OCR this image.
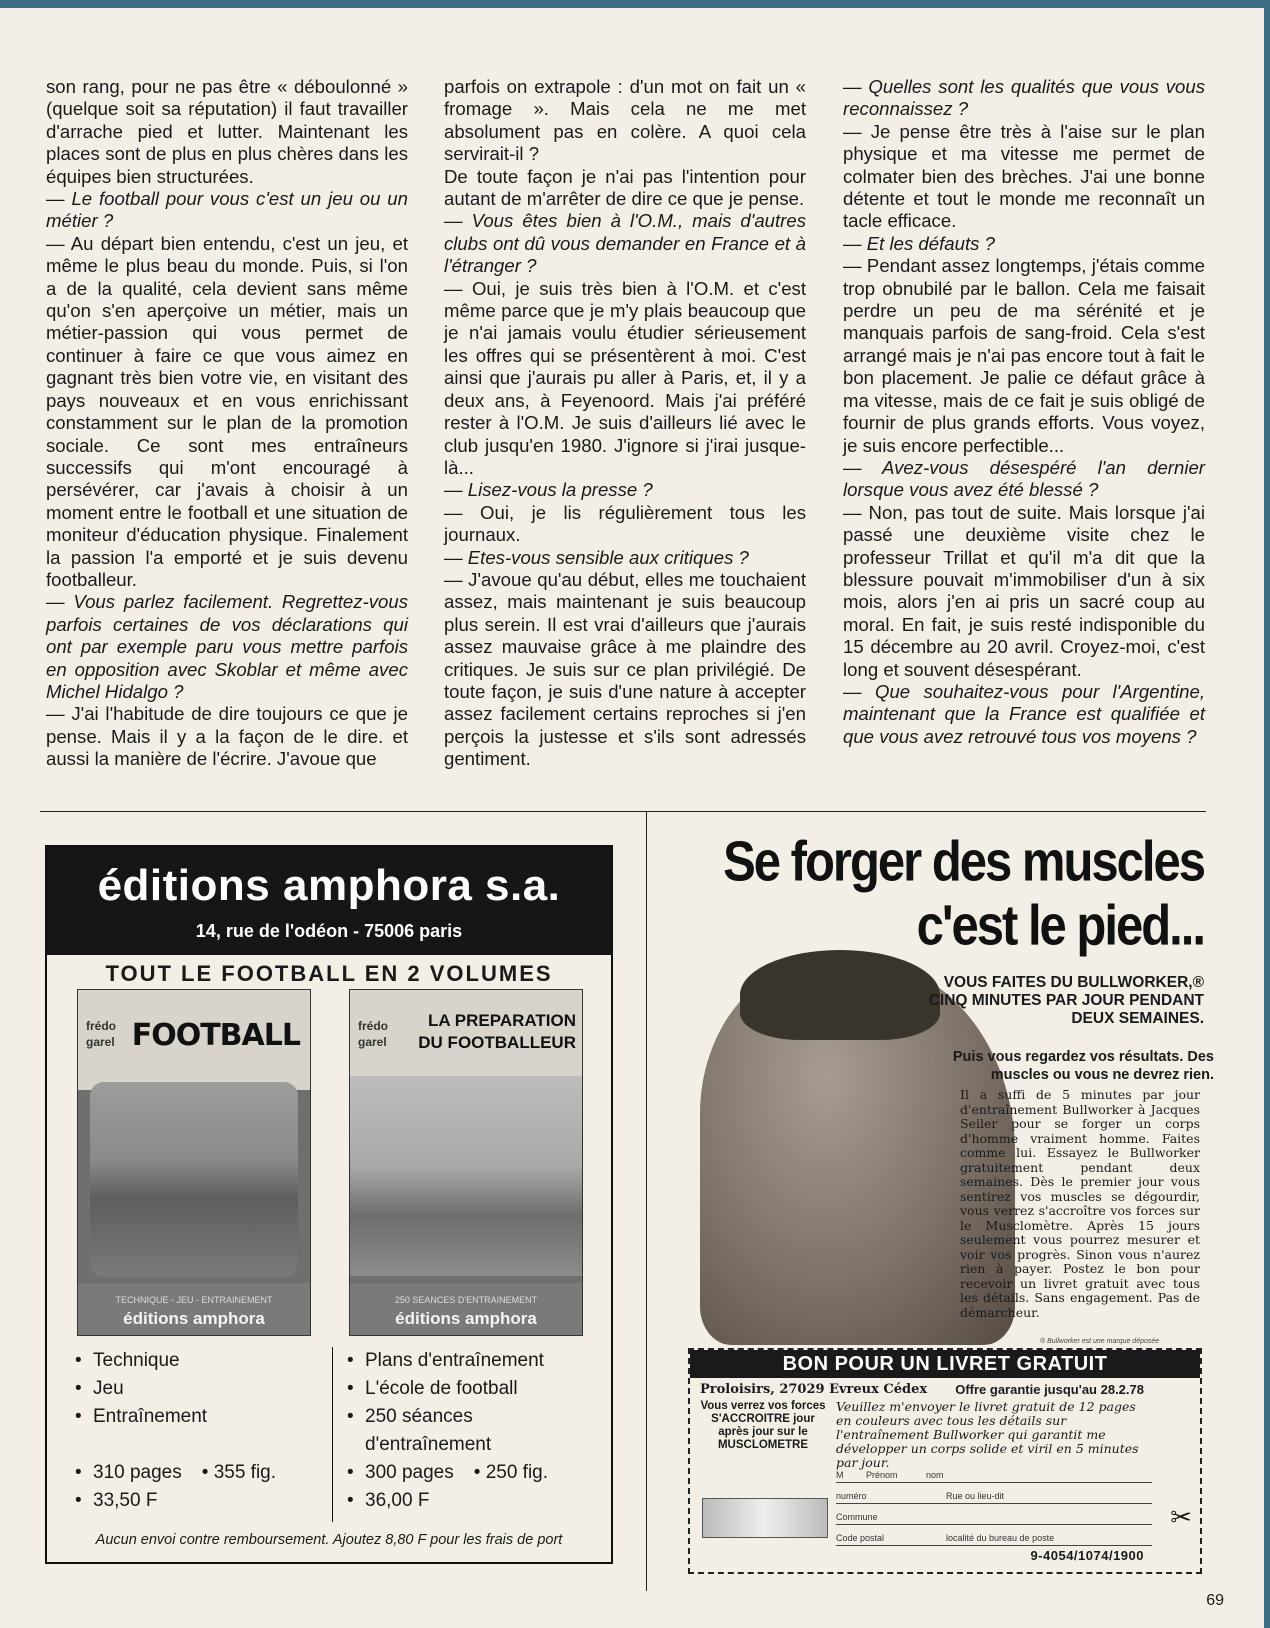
son rang, pour ne pas être « déboulonné » (quelque soit sa réputation) il faut travailler d'arrache pied et lutter. Maintenant les places sont de plus en plus chères dans les équipes bien structurées.

— Le football pour vous c'est un jeu ou un métier ?

— Au départ bien entendu, c'est un jeu, et même le plus beau du monde. Puis, si l'on a de la qualité, cela devient sans même qu'on s'en aperçoive un métier, mais un métier-passion qui vous permet de continuer à faire ce que vous aimez en gagnant très bien votre vie, en visitant des pays nouveaux et en vous enrichissant constamment sur le plan de la promotion sociale. Ce sont mes entraîneurs successifs qui m'ont encouragé à persévérer, car j'avais à choisir à un moment entre le football et une situation de moniteur d'éducation physique. Finalement la passion l'a emporté et je suis devenu footballeur.

— Vous parlez facilement. Regrettez-vous parfois certaines de vos déclarations qui ont par exemple paru vous mettre parfois en opposition avec Skoblar et même avec Michel Hidalgo ?

— J'ai l'habitude de dire toujours ce que je pense. Mais il y a la façon de le dire. et aussi la manière de l'écrire. J'avoue que

parfois on extrapole : d'un mot on fait un « fromage ». Mais cela ne me met absolument pas en colère. A quoi cela servirait-il ?

De toute façon je n'ai pas l'intention pour autant de m'arrêter de dire ce que je pense.

— Vous êtes bien à l'O.M., mais d'autres clubs ont dû vous demander en France et à l'étranger ?

— Oui, je suis très bien à l'O.M. et c'est même parce que je m'y plais beaucoup que je n'ai jamais voulu étudier sérieusement les offres qui se présentèrent à moi. C'est ainsi que j'aurais pu aller à Paris, et, il y a deux ans, à Feyenoord. Mais j'ai préféré rester à l'O.M. Je suis d'ailleurs lié avec le club jusqu'en 1980. J'ignore si j'irai jusque-là...

— Lisez-vous la presse ?

— Oui, je lis régulièrement tous les journaux.

— Etes-vous sensible aux critiques ?

— J'avoue qu'au début, elles me touchaient assez, mais maintenant je suis beaucoup plus serein. Il est vrai d'ailleurs que j'aurais assez mauvaise grâce à me plaindre des critiques. Je suis sur ce plan privilégié. De toute façon, je suis d'une nature à accepter assez facilement certains reproches si j'en perçois la justesse et s'ils sont adressés gentiment.

— Quelles sont les qualités que vous vous reconnaissez ?

— Je pense être très à l'aise sur le plan physique et ma vitesse me permet de colmater bien des brèches. J'ai une bonne détente et tout le monde me reconnaît un tacle efficace.

— Et les défauts ?

— Pendant assez longtemps, j'étais comme trop obnubilé par le ballon. Cela me faisait perdre un peu de ma sérénité et je manquais parfois de sang-froid. Cela s'est arrangé mais je n'ai pas encore tout à fait le bon placement. Je palie ce défaut grâce à ma vitesse, mais de ce fait je suis obligé de fournir de plus grands efforts. Vous voyez, je suis encore perfectible...

— Avez-vous désespéré l'an dernier lorsque vous avez été blessé ?

— Non, pas tout de suite. Mais lorsque j'ai passé une deuxième visite chez le professeur Trillat et qu'il m'a dit que la blessure pouvait m'immobiliser d'un à six mois, alors j'en ai pris un sacré coup au moral. En fait, je suis resté indisponible du 15 décembre au 20 avril. Croyez-moi, c'est long et souvent désespérant.

— Que souhaitez-vous pour l'Argentine, maintenant que la France est qualifiée et que vous avez retrouvé tous vos moyens ?

éditions amphora s.a.
14, rue de l'odéon - 75006 paris
TOUT LE FOOTBALL EN 2 VOLUMES
frédo
garel FOOTBALL
TECHNIQUE - JEU - ENTRAINEMENT
éditions amphora
frédo
garel
LA PREPARATION DU FOOTBALLEUR
250 SEANCES D'ENTRAINEMENT
éditions amphora
• Technique
• Jeu
• Entraînement
• 310 pages • 355 fig.
• 33,50 F
• Plans d'entraînement
• L'école de football
• 250 séances
d'entraînement
• 300 pages • 250 fig.
• 36,00 F
Aucun envoi contre remboursement. Ajoutez 8,80 F pour les frais de port
Se forger des muscles
c'est le pied...
VOUS FAITES DU BULLWORKER,® CINQ MINUTES PAR JOUR PENDANT DEUX SEMAINES.
Puis vous regardez vos résultats. Des muscles ou vous ne devrez rien.
Il a suffi de 5 minutes par jour d'entraînement Bullworker à Jacques Seiler pour se forger un corps d'homme vraiment homme. Faites comme lui. Essayez le Bullworker gratuitement pendant deux semaines. Dès le premier jour vous sentirez vos muscles se dégourdir, vous verrez s'accroître vos forces sur le Musclomètre. Après 15 jours seulement vous pourrez mesurer et voir vos progrès. Sinon vous n'aurez rien à payer. Postez le bon pour recevoir un livret gratuit avec tous les détails. Sans engagement. Pas de démarcheur.
® Bullworker est une marque déposée
BON POUR UN LIVRET GRATUIT
Proloisirs, 27029 Evreux Cédex Offre garantie jusqu'au 28.2.78
Vous verrez vos forces S'ACCROITRE jour après jour sur le MUSCLOMETRE
Veuillez m'envoyer le livret gratuit de 12 pages en couleurs avec tous les détails sur l'entraînement Bullworker qui garantit me développer un corps solide et viril en 5 minutes par jour.
M	Prénom	nom
numéro	Rue ou lieu-dit
Commune
Code postal	localité du bureau de poste
9-4054/1074/1900
✂
69
